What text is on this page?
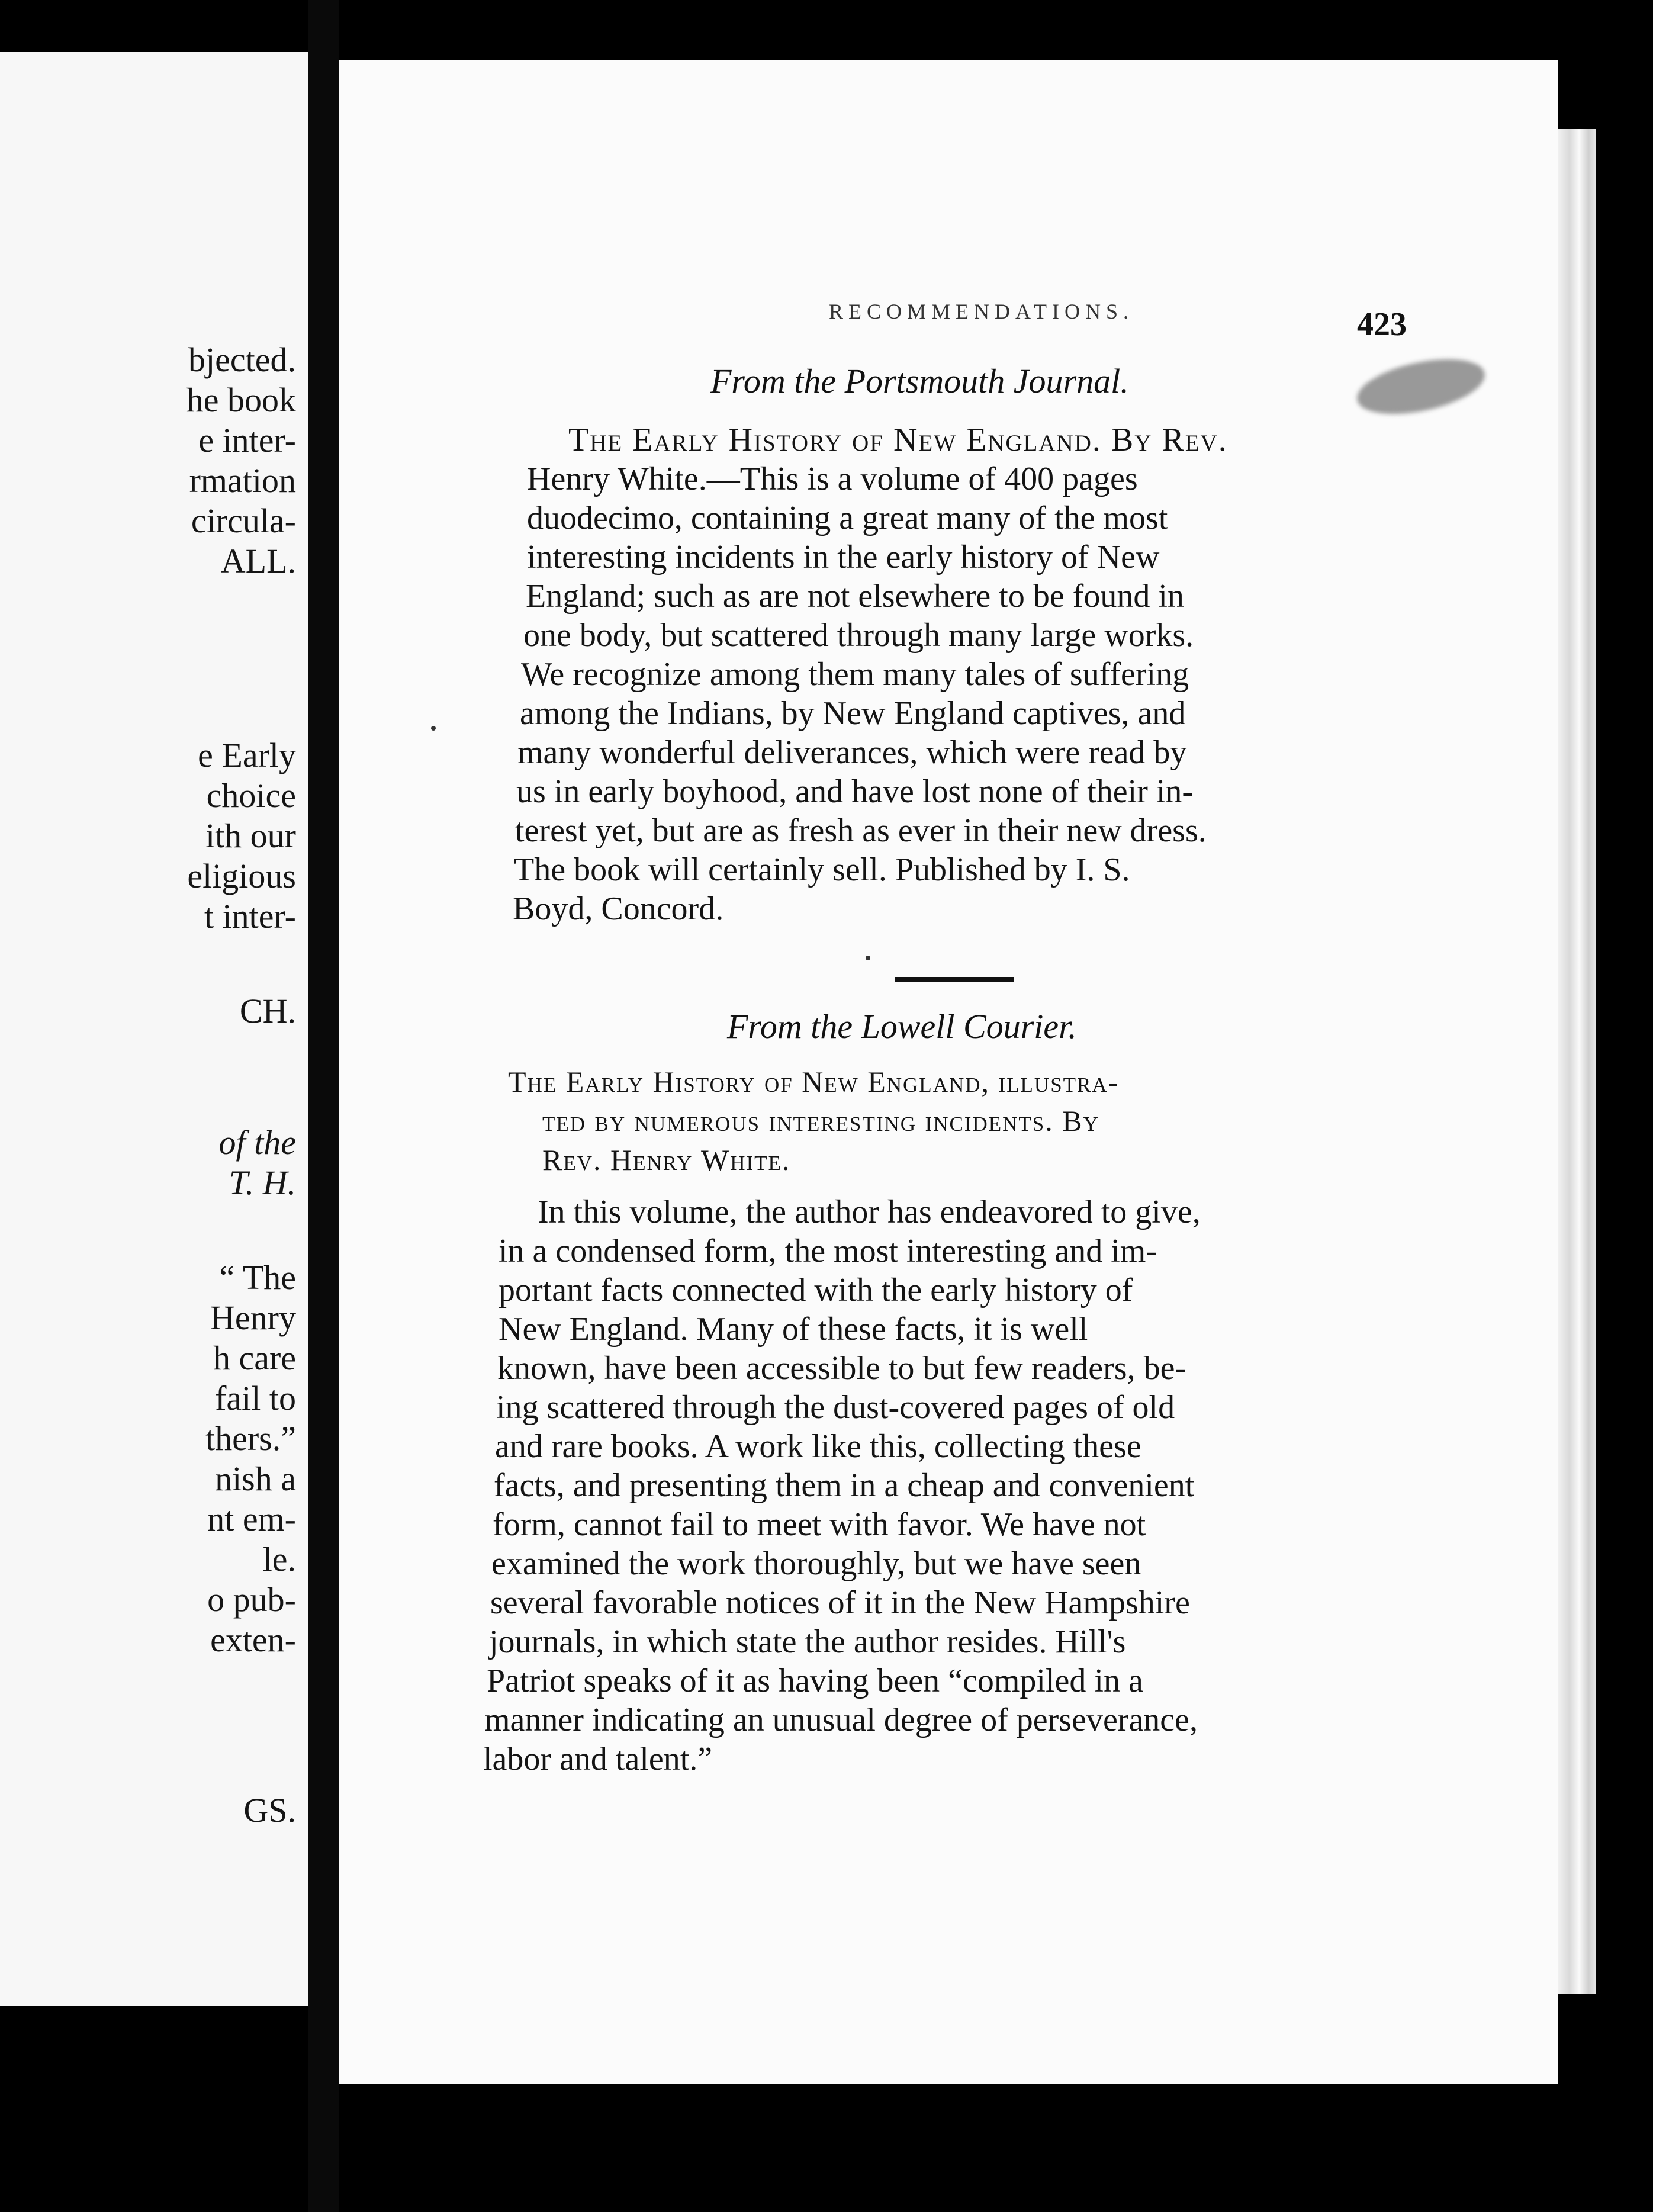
bjected.
he book
e inter-
rmation
circula-
ALL.
e Early
choice
ith our
eligious
t inter-
CH.
of the
T. H.
“ The
Henry
h care
fail to
thers.”
nish a
nt em-
le.
o pub-
exten-
GS.
RECOMMENDATIONS.	423
From the Portsmouth Journal.
The Early History of New England. By Rev.
Henry White.—This is a volume of 400 pages
duodecimo, containing a great many of the most
interesting incidents in the early history of New
England; such as are not elsewhere to be found in
one body, but scattered through many large works.
We recognize among them many tales of suffering
among the Indians, by New England captives, and
many wonderful deliverances, which were read by
us in early boyhood, and have lost none of their in-
terest yet, but are as fresh as ever in their new dress.
The book will certainly sell. Published by I. S.
Boyd, Concord.
From the Lowell Courier.
The Early History of New England, illustra-
ted by numerous interesting incidents. By
Rev. Henry White.
In this volume, the author has endeavored to give,
in a condensed form, the most interesting and im-
portant facts connected with the early history of
New England. Many of these facts, it is well
known, have been accessible to but few readers, be-
ing scattered through the dust-covered pages of old
and rare books. A work like this, collecting these
facts, and presenting them in a cheap and convenient
form, cannot fail to meet with favor. We have not
examined the work thoroughly, but we have seen
several favorable notices of it in the New Hampshire
journals, in which state the author resides. Hill's
Patriot speaks of it as having been “compiled in a
manner indicating an unusual degree of perseverance,
labor and talent.”
